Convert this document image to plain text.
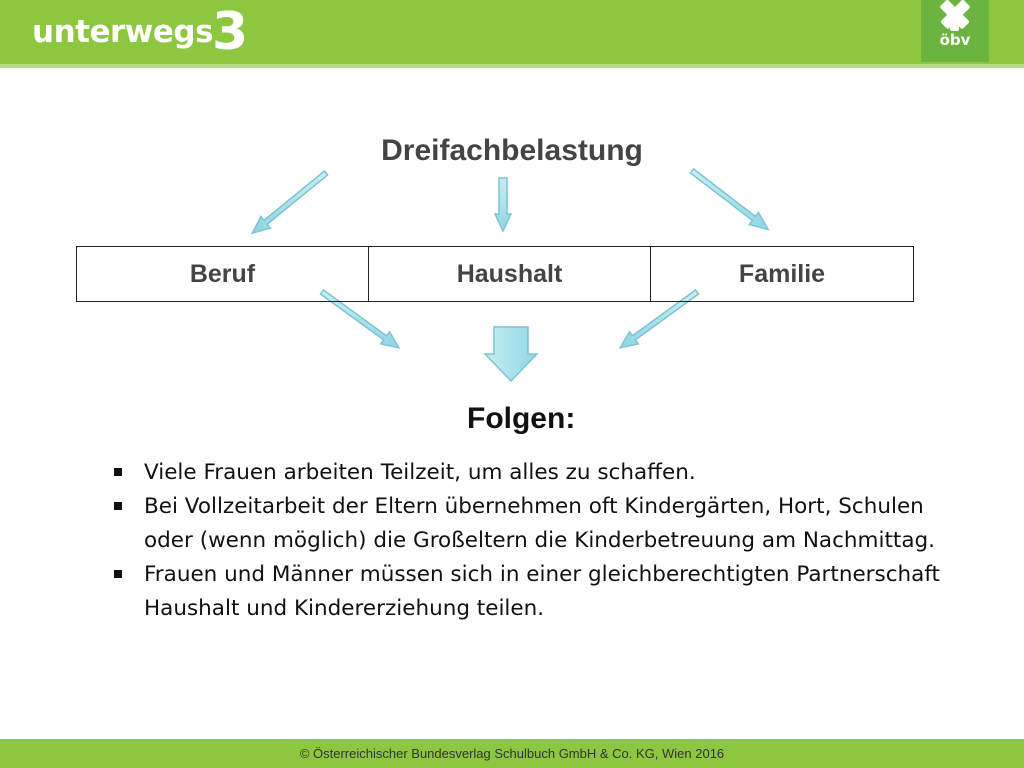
unterwegs
3	öbv
Dreifachbelastung
Beruf	Haushalt	Familie
Folgen:
Viele Frauen arbeiten Teilzeit, um alles zu schaffen.
Bei Vollzeitarbeit der Eltern übernehmen oft Kindergärten, Hort, Schulen oder (wenn möglich) die Großeltern die Kinderbetreuung am Nachmittag.
Frauen und Männer müssen sich in einer gleichberechtigten Partnerschaft Haushalt und Kindererziehung teilen.
© Österreichischer Bundesverlag Schulbuch GmbH & Co. KG, Wien 2016
